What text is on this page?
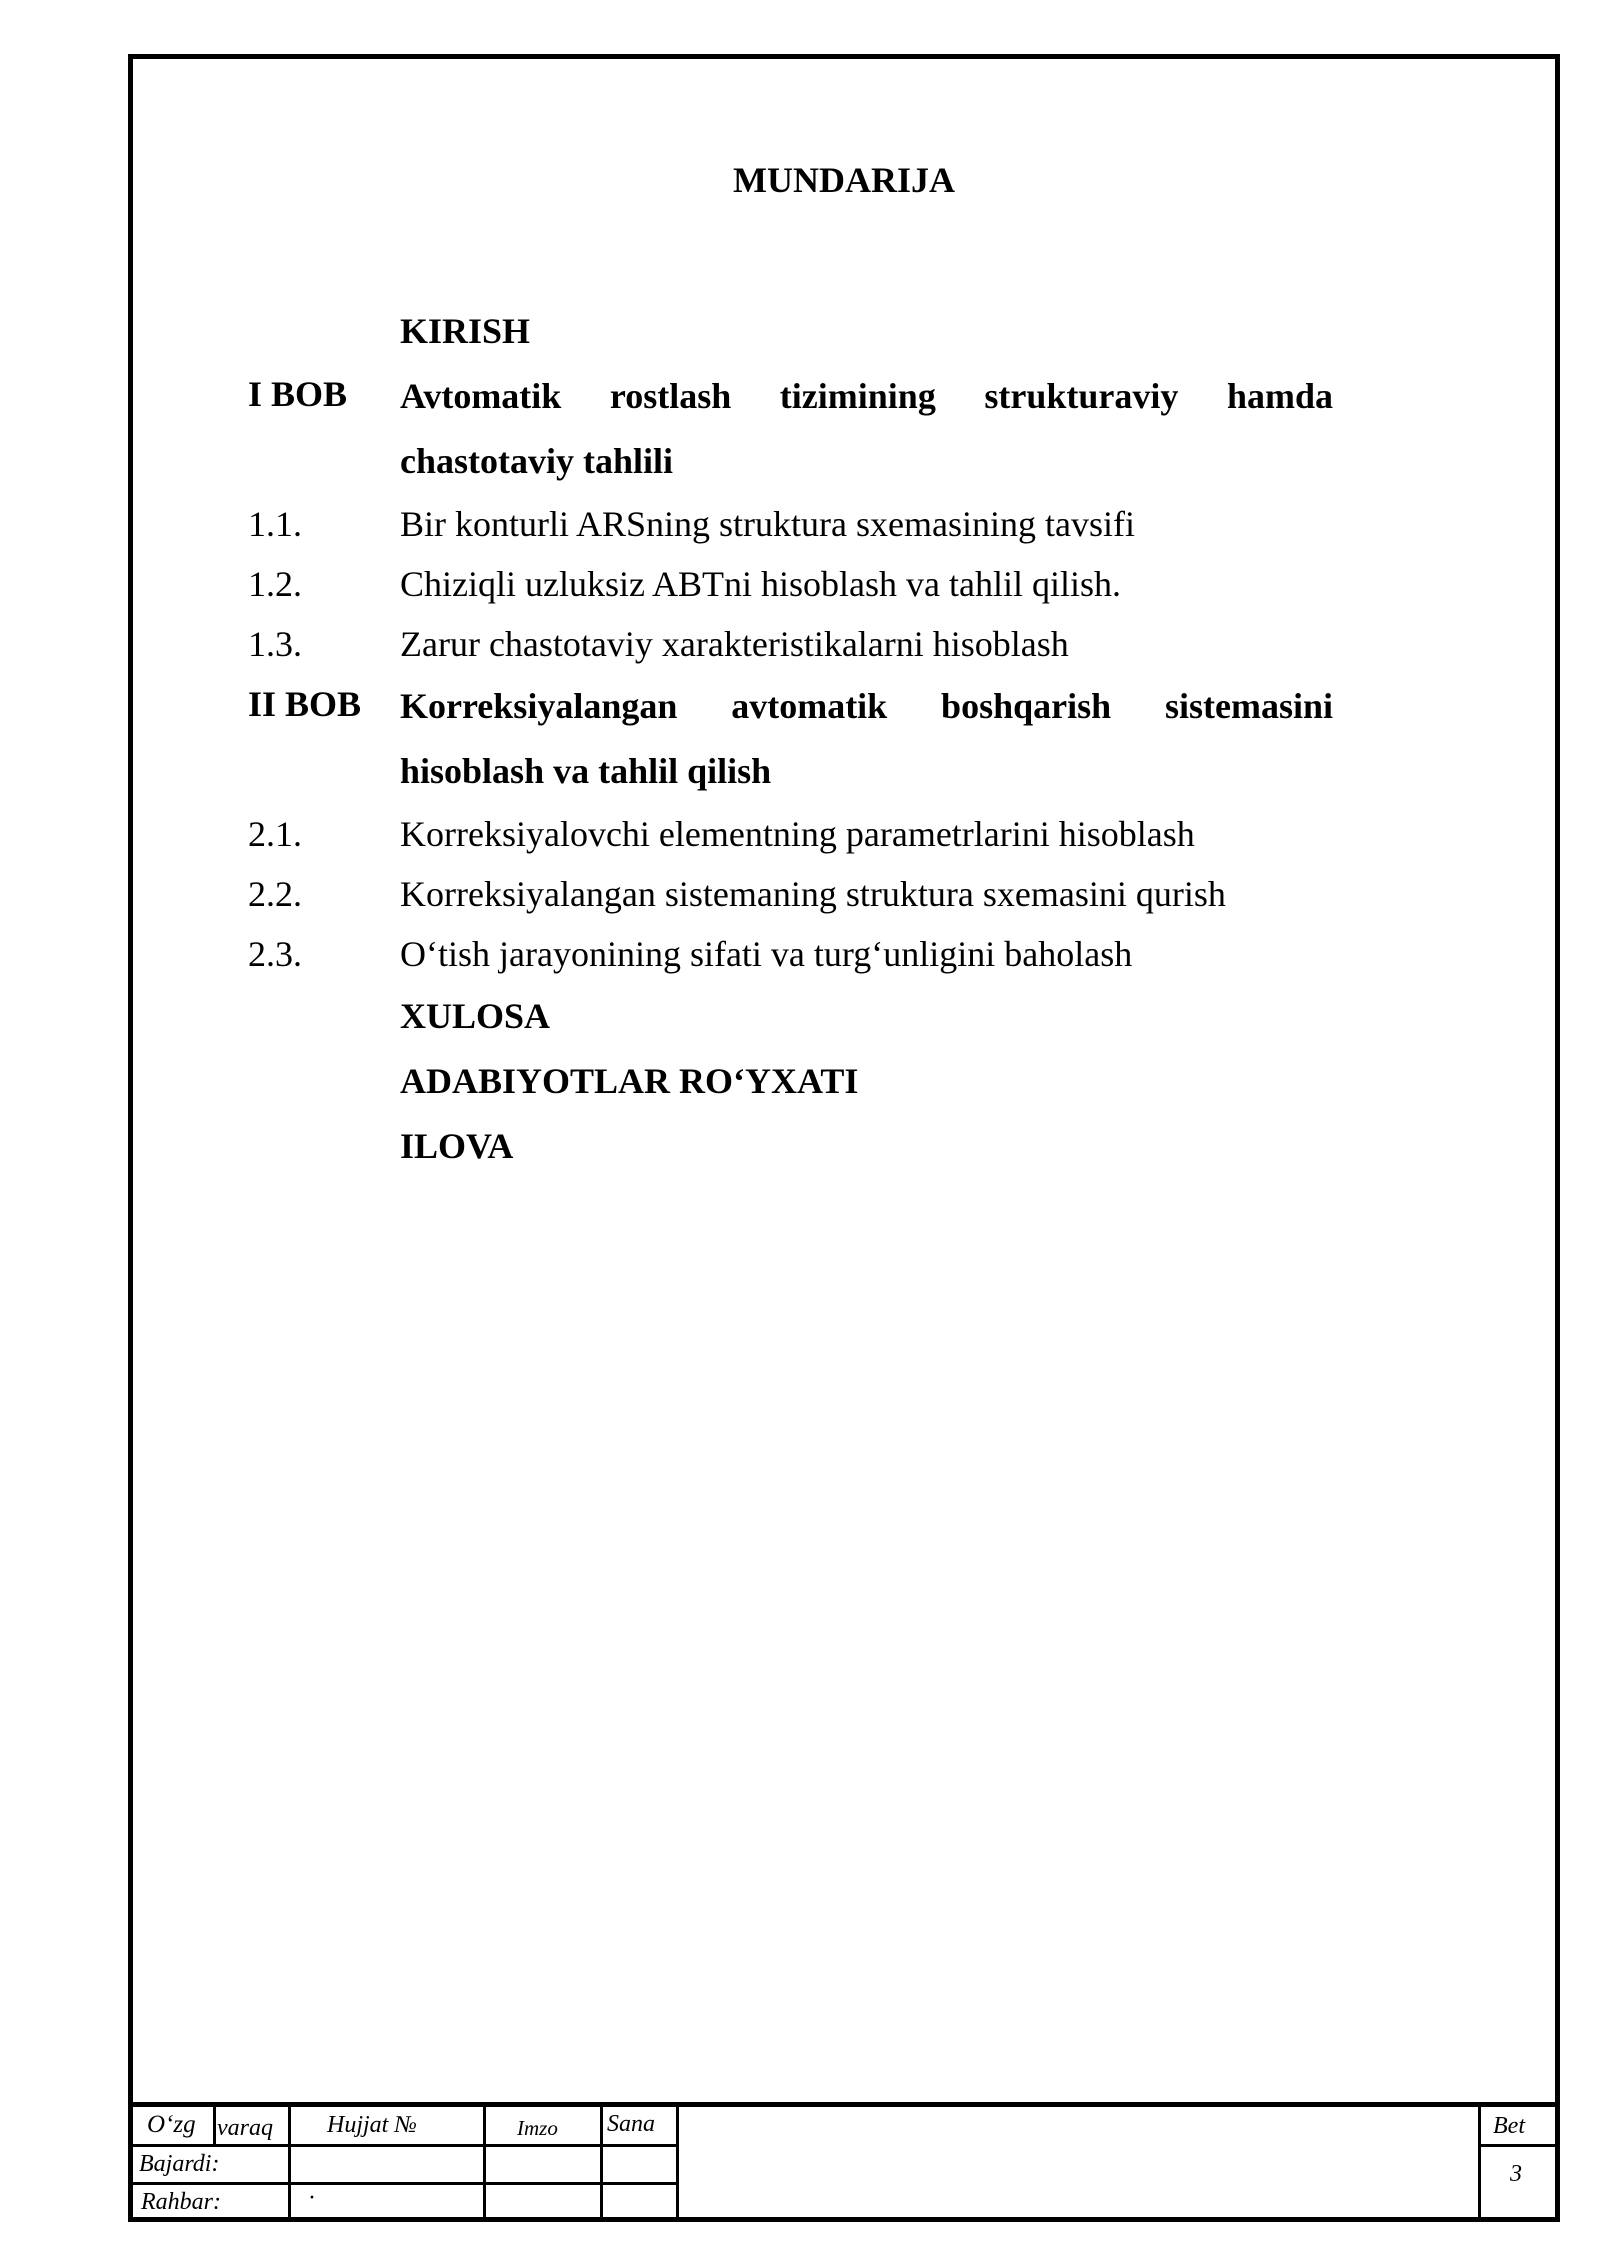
MUNDARIJA
KIRISH
I BOB	Avtomatik rostlash tizimining strukturaviy hamda chastotaviy tahlili
1.1.	Bir konturli ARSning struktura sxemasining tavsifi
1.2.	Chiziqli uzluksiz ABTni hisoblash va tahlil qilish.
1.3.	Zarur chastotaviy xarakteristikalarni hisoblash
II BOB	Korreksiyalangan avtomatik boshqarish sistemasini hisoblash va tahlil qilish
2.1.	Korreksiyalovchi elementning parametrlarini hisoblash
2.2.	Korreksiyalangan sistemaning struktura sxemasini qurish
2.3.	O‘tish jarayonining sifati va turg‘unligini baholash
XULOSA
ADABIYOTLAR RO‘YXATI
ILOVA
O‘zg varaq Hujjat №	Imzo Sana
Bajardi:
Rahbar:	·
Bet
3
